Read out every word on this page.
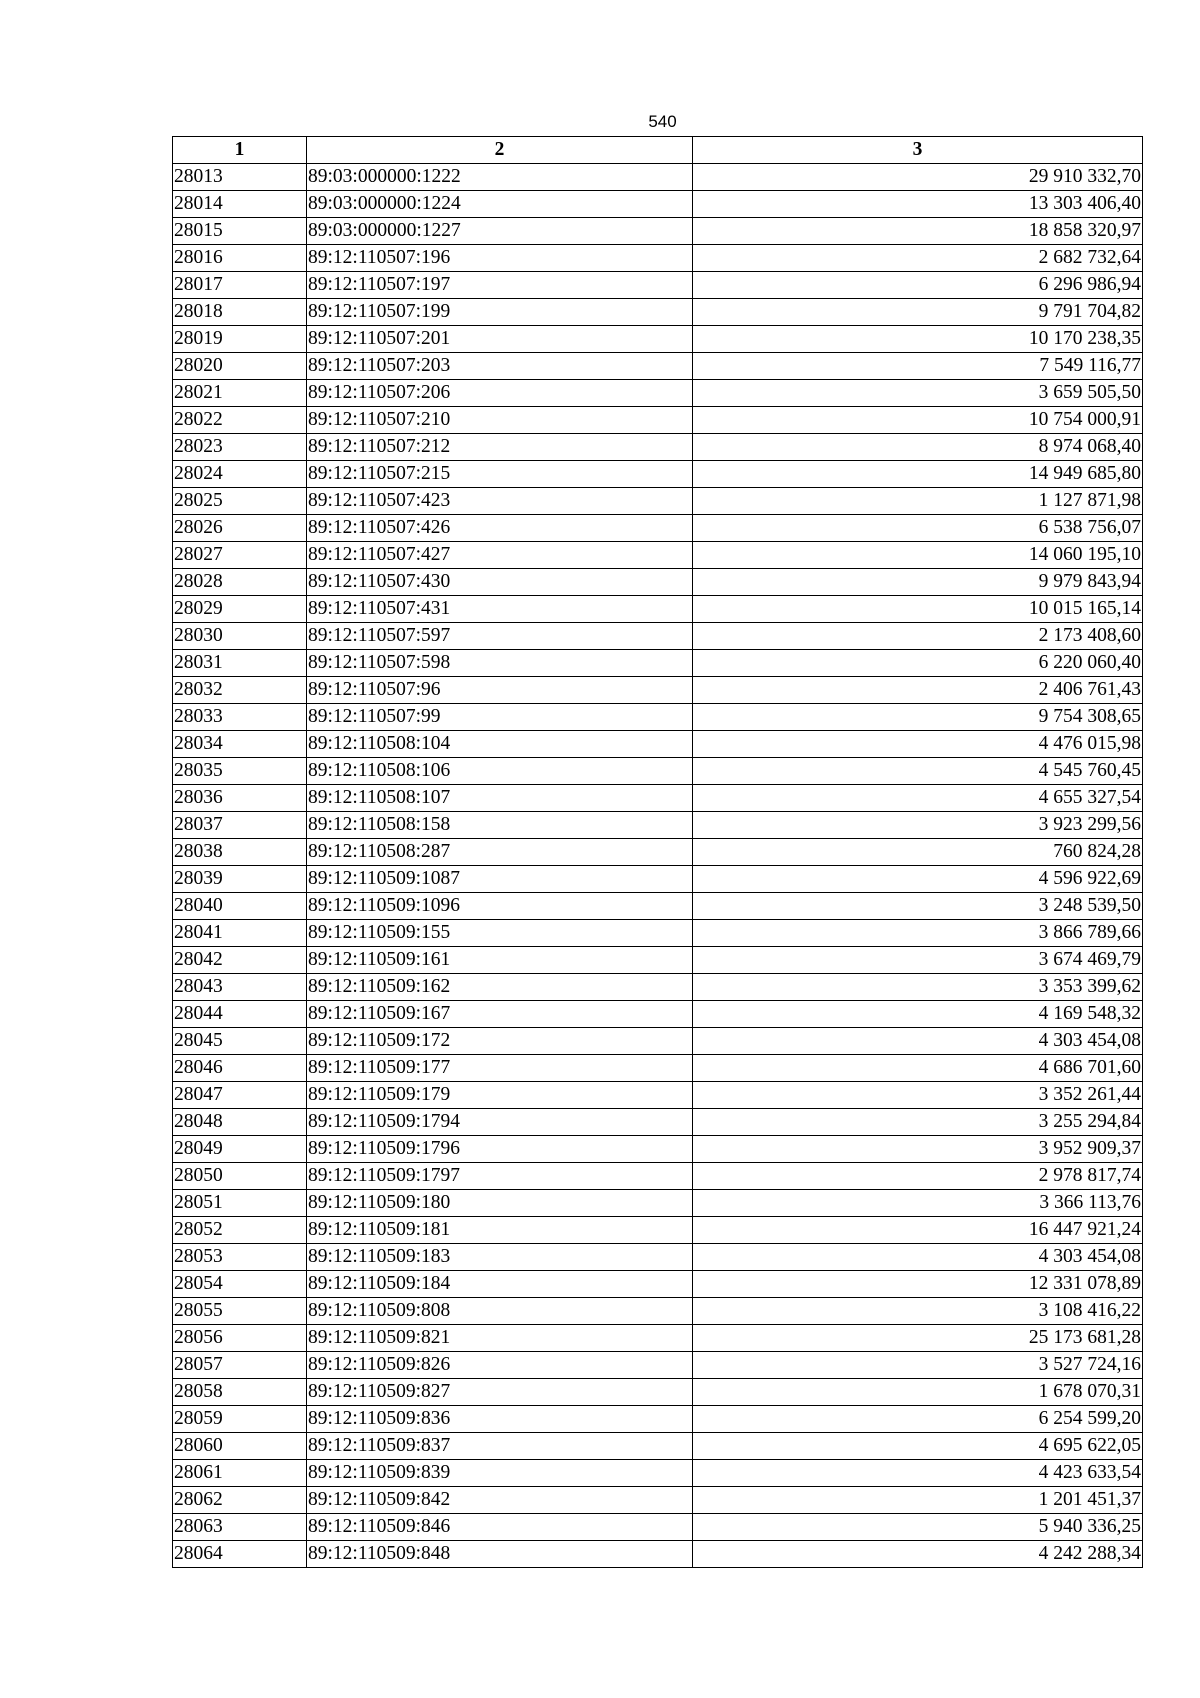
540
1	2	3
28013	89:03:000000:1222	29 910 332,70
28014	89:03:000000:1224	13 303 406,40
28015	89:03:000000:1227	18 858 320,97
28016	89:12:110507:196	2 682 732,64
28017	89:12:110507:197	6 296 986,94
28018	89:12:110507:199	9 791 704,82
28019	89:12:110507:201	10 170 238,35
28020	89:12:110507:203	7 549 116,77
28021	89:12:110507:206	3 659 505,50
28022	89:12:110507:210	10 754 000,91
28023	89:12:110507:212	8 974 068,40
28024	89:12:110507:215	14 949 685,80
28025	89:12:110507:423	1 127 871,98
28026	89:12:110507:426	6 538 756,07
28027	89:12:110507:427	14 060 195,10
28028	89:12:110507:430	9 979 843,94
28029	89:12:110507:431	10 015 165,14
28030	89:12:110507:597	2 173 408,60
28031	89:12:110507:598	6 220 060,40
28032	89:12:110507:96	2 406 761,43
28033	89:12:110507:99	9 754 308,65
28034	89:12:110508:104	4 476 015,98
28035	89:12:110508:106	4 545 760,45
28036	89:12:110508:107	4 655 327,54
28037	89:12:110508:158	3 923 299,56
28038	89:12:110508:287	760 824,28
28039	89:12:110509:1087	4 596 922,69
28040	89:12:110509:1096	3 248 539,50
28041	89:12:110509:155	3 866 789,66
28042	89:12:110509:161	3 674 469,79
28043	89:12:110509:162	3 353 399,62
28044	89:12:110509:167	4 169 548,32
28045	89:12:110509:172	4 303 454,08
28046	89:12:110509:177	4 686 701,60
28047	89:12:110509:179	3 352 261,44
28048	89:12:110509:1794	3 255 294,84
28049	89:12:110509:1796	3 952 909,37
28050	89:12:110509:1797	2 978 817,74
28051	89:12:110509:180	3 366 113,76
28052	89:12:110509:181	16 447 921,24
28053	89:12:110509:183	4 303 454,08
28054	89:12:110509:184	12 331 078,89
28055	89:12:110509:808	3 108 416,22
28056	89:12:110509:821	25 173 681,28
28057	89:12:110509:826	3 527 724,16
28058	89:12:110509:827	1 678 070,31
28059	89:12:110509:836	6 254 599,20
28060	89:12:110509:837	4 695 622,05
28061	89:12:110509:839	4 423 633,54
28062	89:12:110509:842	1 201 451,37
28063	89:12:110509:846	5 940 336,25
28064	89:12:110509:848	4 242 288,34
